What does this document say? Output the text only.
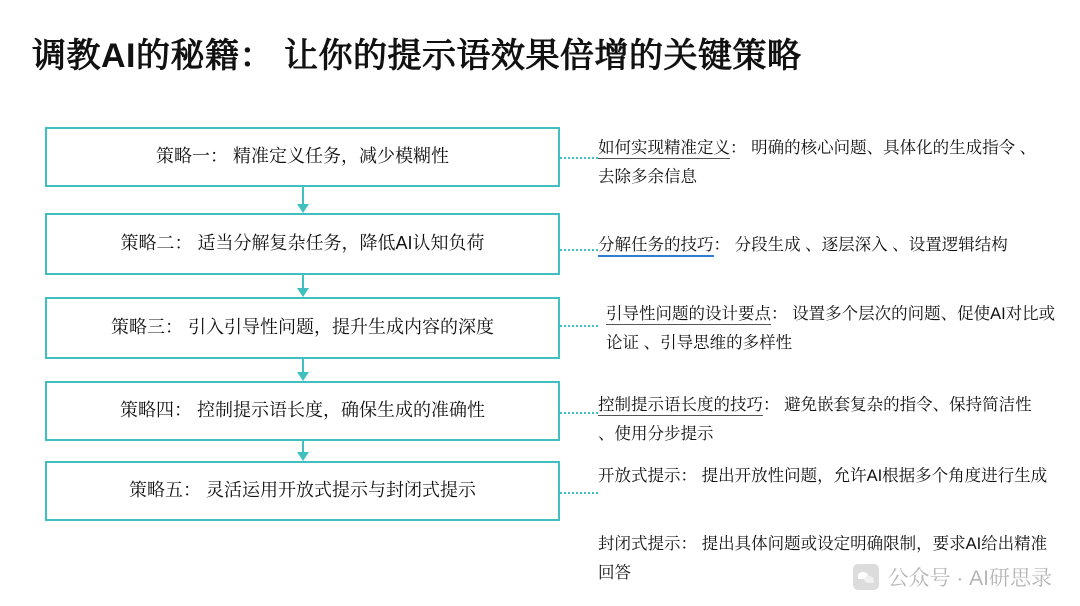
调教AI的秘籍： 让你的提示语效果倍增的关键策略
策略一： 精准定义任务，减少模糊性
策略二： 适当分解复杂任务，降低AI认知负荷
策略三： 引入引导性问题，提升生成内容的深度
策略四： 控制提示语长度，确保生成的准确性
策略五： 灵活运用开放式提示与封闭式提示
如何实现精准定义： 明确的核心问题、具体化的生成指令 、去除多余信息
分解任务的技巧： 分段生成 、逐层深入 、设置逻辑结构
引导性问题的设计要点： 设置多个层次的问题、促使AI对比或论证 、引导思维的多样性
控制提示语长度的技巧： 避免嵌套复杂的指令、保持简洁性 、使用分步提示
开放式提示： 提出开放性问题，允许AI根据多个角度进行生成
封闭式提示： 提出具体问题或设定明确限制，要求AI给出精准回答	公众号 · AI研思录
